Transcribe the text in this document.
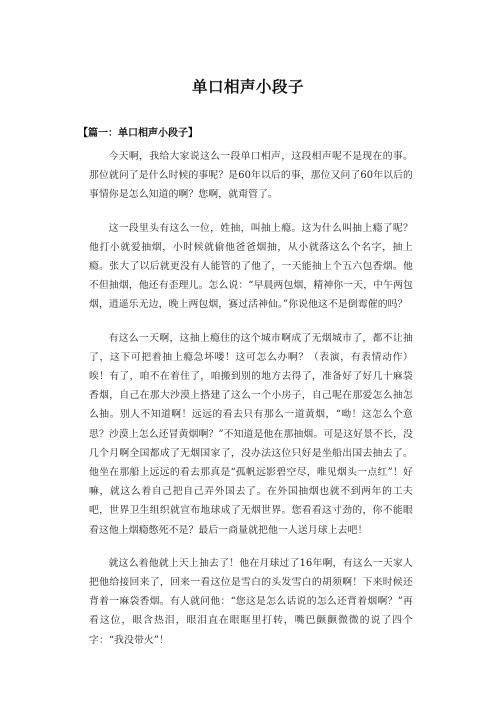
单口相声小段子
【篇一：单口相声小段子】

今天啊，我给大家说这么一段单口相声，这段相声呢不是现在的事。那位就问了是什么时候的事呢？是60年以后的事，那位又问了60年以后的事情你是怎么知道的啊？您啊，就甭管了。

这一段里头有这么一位，姓抽，叫抽上瘾。这为什么叫抽上瘾了呢？他打小就爱抽烟，小时候就偷他爸爸烟抽，从小就落这么个名字，抽上瘾。张大了以后就更没有人能管的了他了，一天能抽上个五六包香烟。他不但抽烟，他还有歪理儿。怎么说：“早晨两包烟，精神你一天，中午两包烟，逍遥乐无边，晚上两包烟，赛过活神仙。”你说他这不是倒霉催的吗？

有这么一天啊，这抽上瘾住的这个城市啊成了无烟城市了，都不让抽了，这下可把着抽上瘾急坏喽！这可怎么办啊？（表演，有表情动作）唉！有了，咱不在着住了，咱搬到别的地方去得了，准备好了好几十麻袋香烟，自己在那大沙漠上搭建了这么一个小房子，自己呢在那爱怎么抽怎么抽。别人不知道啊！远远的看去只有那么一道黄烟，“呦！这怎么个意思？沙漠上怎么还冒黄烟啊？”不知道是他在那抽烟。可是这好景不长，没几个月啊全国都成了无烟国家了，没办法这位只好是坐船出国去抽去了。他坐在那船上远远的看去那真是“孤帆远影碧空尽，唯见烟头一点红”！好嘛，就这么着自己把自己弄外国去了。在外国抽烟也就不到两年的工夫吧，世界卫生组织就宣布地球成了无烟世界。您看看这寸劲的，你不能眼看这他上烟瘾憋死不是？最后一商量就把他一人送月球上去吧！

就这么着他就上天上抽去了！他在月球过了16年啊，有这么一天家人把他给接回来了，回来一看这位是雪白的头发雪白的胡须啊！下来时候还背着一麻袋香烟。有人就问他：“您这是怎么话说的怎么还背着烟啊？”再看这位，眼含热泪，眼泪直在眼眶里打转，嘴巴颤颤微微的说了四个字：“我没带火”！
